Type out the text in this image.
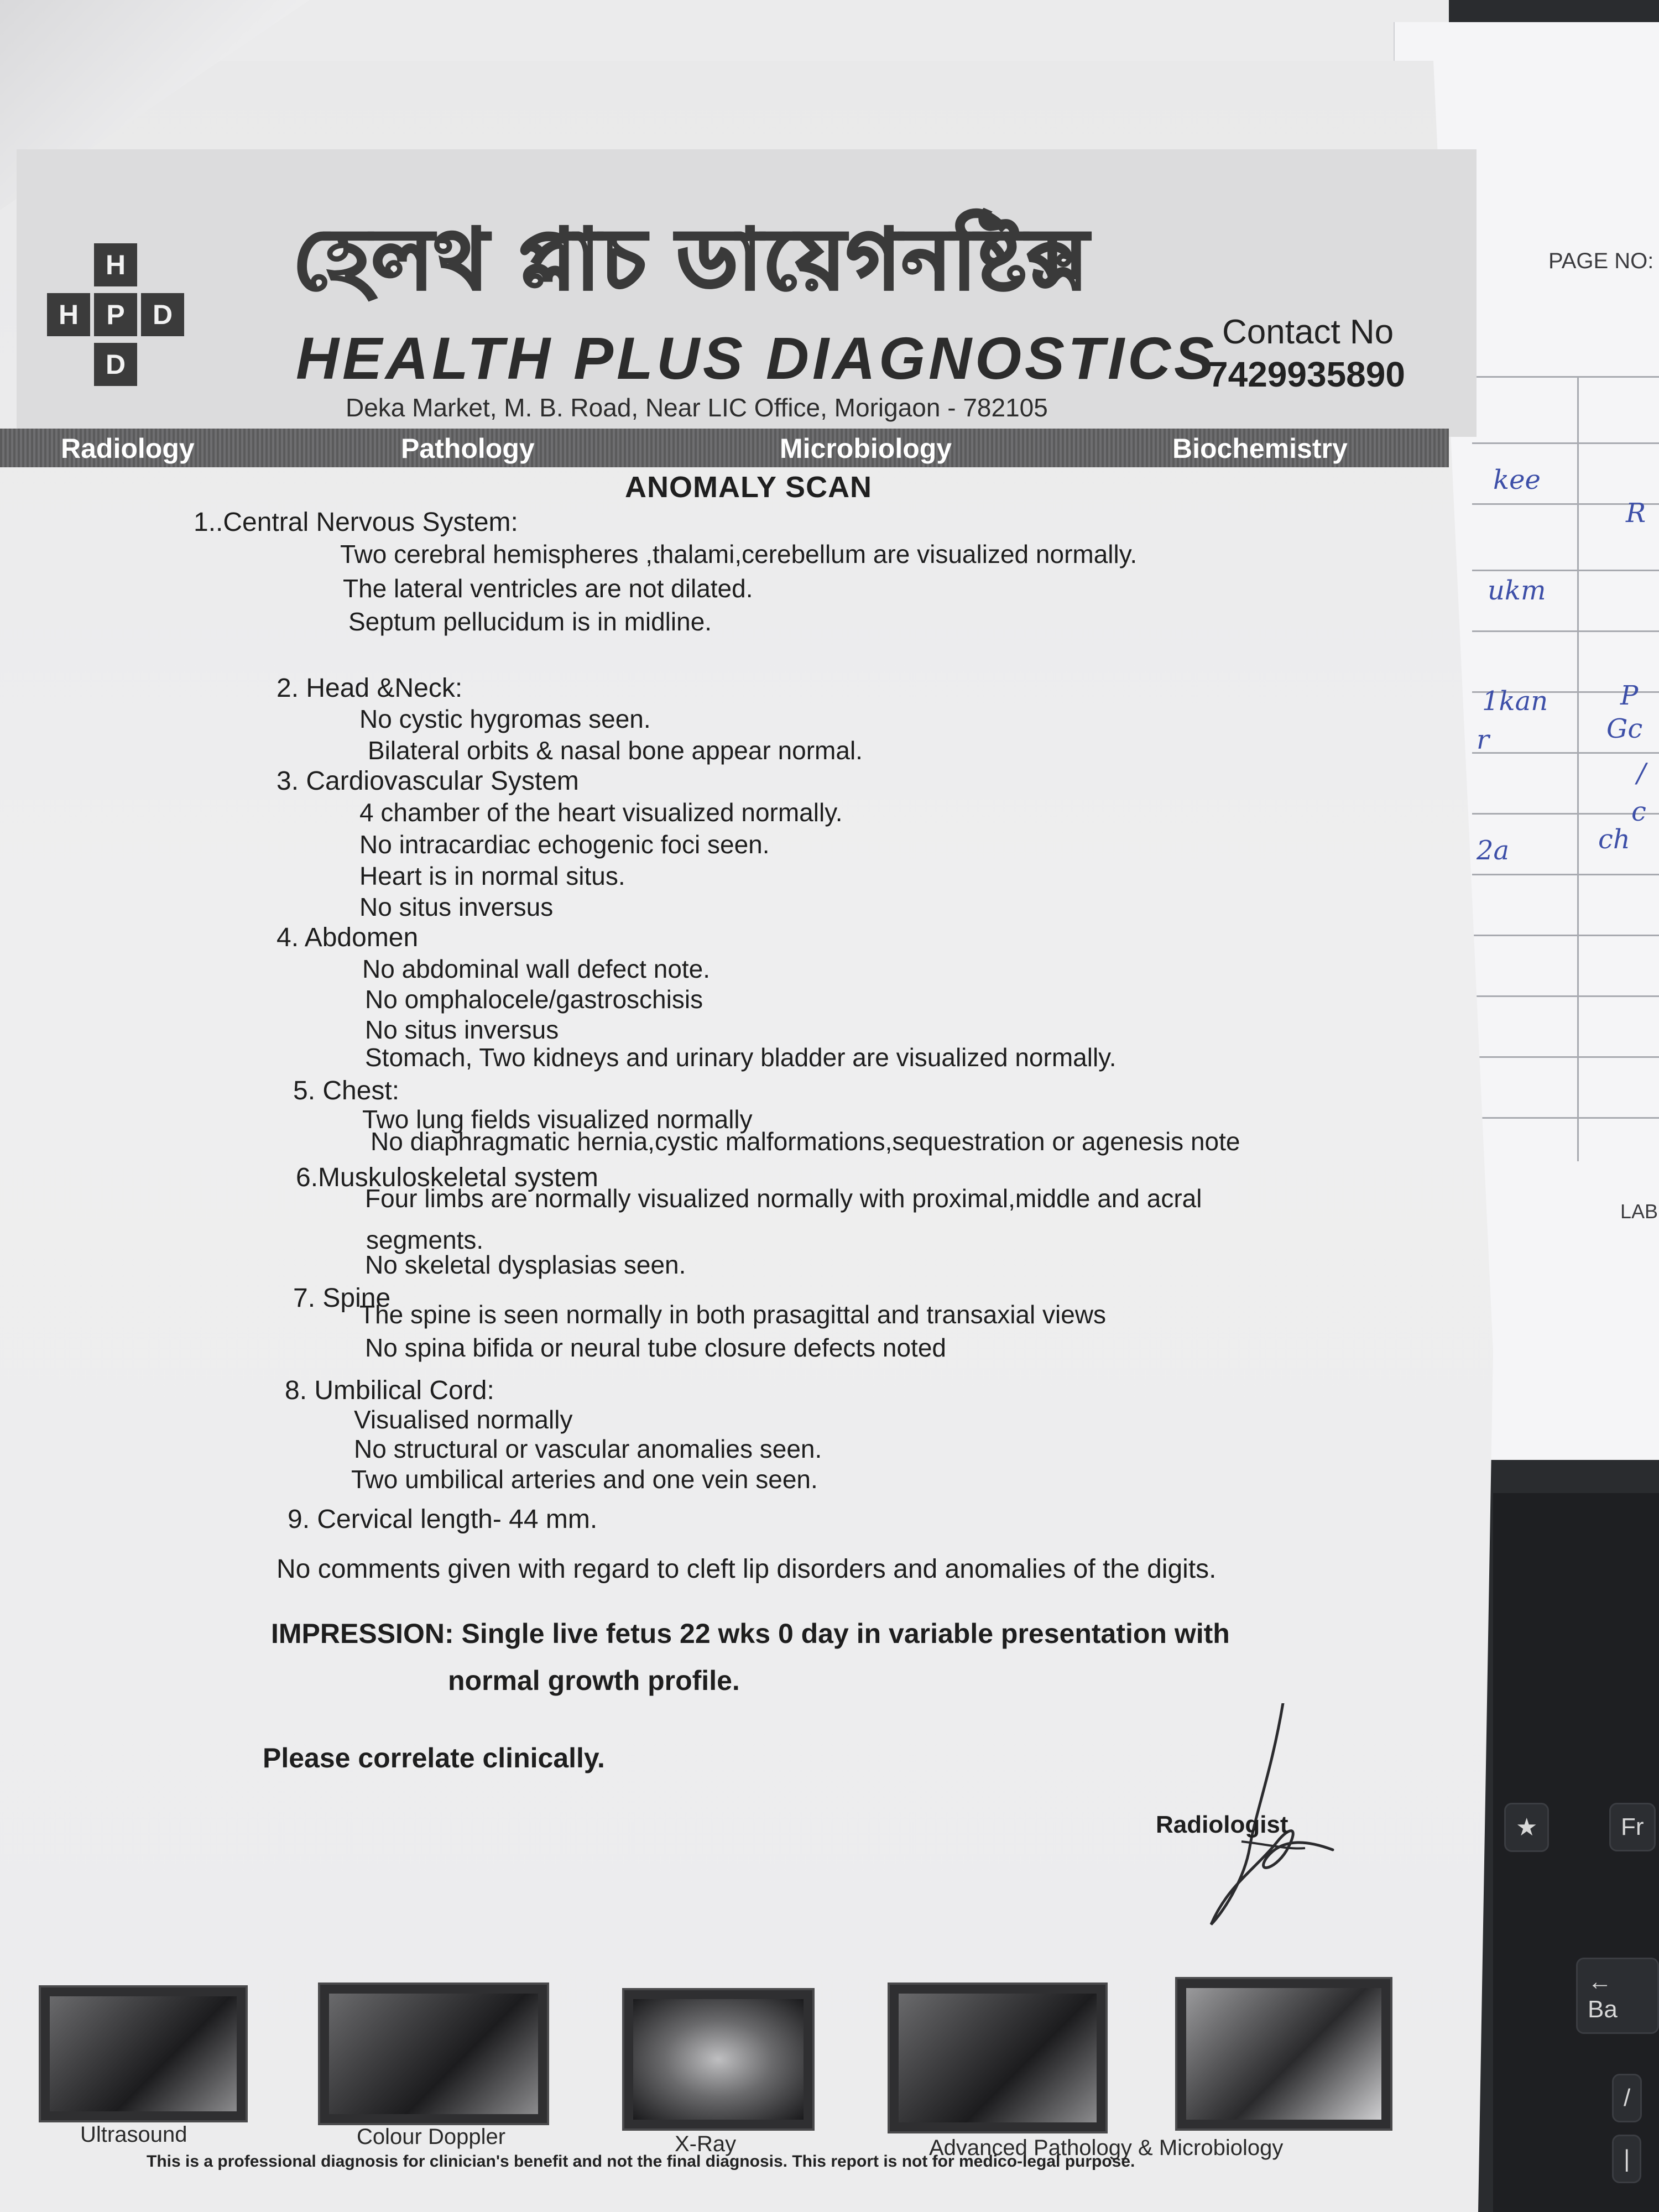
PAGE NO:
LAB
kee
ukm
1kan
r
2a
P
Gc
/
c
ch
R
★	Fr
← Ba
/
|
H
H	P	D
D
হেলথ প্লাচ ডায়েগনষ্টিক্স
HEALTH PLUS DIAGNOSTICS
Deka Market, M. B. Road, Near LIC Office, Morigaon - 782105
Contact No
7429935890
Radiology	Pathology	Microbiology	Biochemistry
ANOMALY SCAN
1..Central Nervous System:
Two cerebral hemispheres ,thalami,cerebellum are visualized normally.
The lateral ventricles are not dilated.
Septum pellucidum is in midline.
2. Head &Neck:
No cystic hygromas seen.
Bilateral orbits & nasal bone appear normal.
3. Cardiovascular System
4 chamber of the heart visualized normally.
No intracardiac echogenic foci seen.
Heart is in normal situs.
No situs inversus
4. Abdomen
No abdominal wall defect note.
No omphalocele/gastroschisis
No situs inversus
Stomach, Two kidneys and urinary bladder are visualized normally.
5. Chest:
Two lung fields visualized normally
No diaphragmatic hernia,cystic malformations,sequestration or agenesis note
6.Muskuloskeletal system
Four limbs are normally visualized normally with proximal,middle and acral
segments.
No skeletal dysplasias seen.
7. Spine
The spine is seen normally in both prasagittal and transaxial views
No spina bifida or neural tube closure defects noted
8. Umbilical Cord:
Visualised normally
No structural or vascular anomalies seen.
Two umbilical arteries and one vein seen.
9. Cervical length- 44 mm.
No comments given with regard to cleft lip disorders and anomalies of the digits.
IMPRESSION: Single live fetus 22 wks 0 day in variable presentation with
normal growth profile.
Please correlate clinically.
Radiologist
Ultrasound	Colour Doppler	X-Ray	Advanced Pathology & Microbiology
This is a professional diagnosis for clinician's benefit and not the final diagnosis. This report is not for medico-legal purpose.
